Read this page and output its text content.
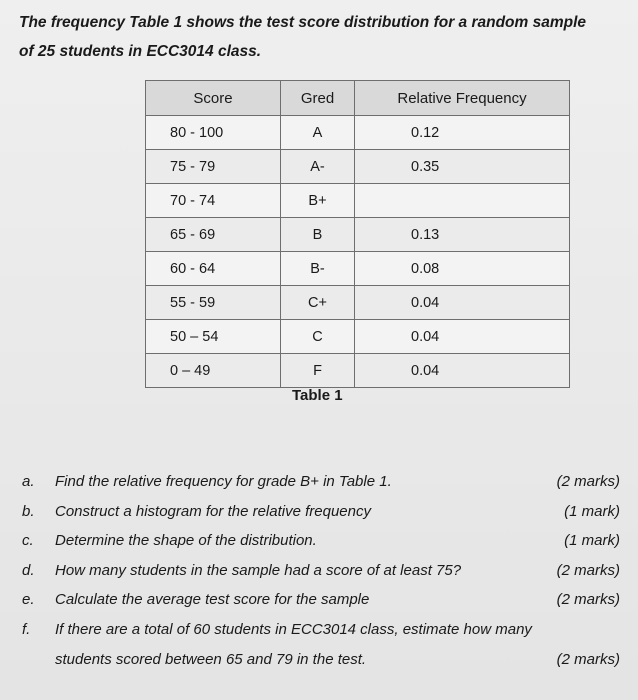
The frequency Table 1 shows the test score distribution for a random sample
of 25 students in ECC3014 class.
Score	Gred	Relative Frequency
80 - 100	A	0.12
75 - 79	A-	0.35
70 - 74	B+	
65 - 69	B	0.13
60 - 64	B-	0.08
55 - 59	C+	0.04
50 – 54	C	0.04
0 – 49	F	0.04
Table 1
a. Find the relative frequency for grade B+ in Table 1.	(2 marks)
b. Construct a histogram for the relative frequency	(1 mark)
c. Determine the shape of the distribution.	(1 mark)
d. How many students in the sample had a score of at least 75?	(2 marks)
e. Calculate the average test score for the sample	(2 marks)
f. If there are a total of 60 students in ECC3014 class, estimate how many
students scored between 65 and 79 in the test.	(2 marks)
